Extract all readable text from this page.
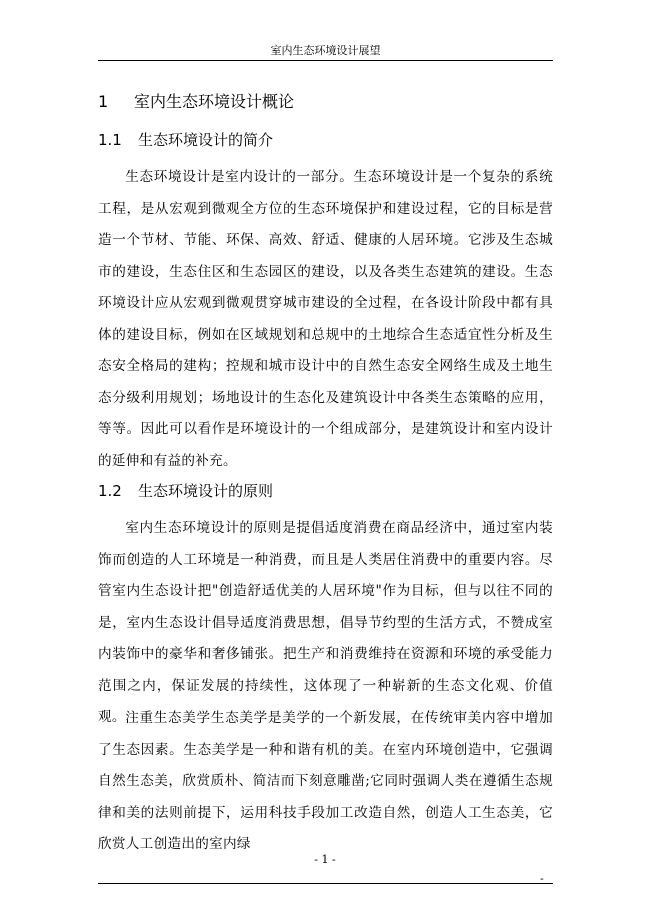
室内生态环境设计展望
1 室内生态环境设计概论
1.1 生态环境设计的简介

生态环境设计是室内设计的一部分。生态环境设计是一个复杂的系统工程，是从宏观到微观全方位的生态环境保护和建设过程，它的目标是营造一个节材、节能、环保、高效、舒适、健康的人居环境。它涉及生态城市的建设，生态住区和生态园区的建设，以及各类生态建筑的建设。生态环境设计应从宏观到微观贯穿城市建设的全过程，在各设计阶段中都有具体的建设目标，例如在区域规划和总规中的土地综合生态适宜性分析及生态安全格局的建构；控规和城市设计中的自然生态安全网络生成及土地生态分级利用规划；场地设计的生态化及建筑设计中各类生态策略的应用，等等。因此可以看作是环境设计的一个组成部分，是建筑设计和室内设计的延伸和有益的补充。

1.2 生态环境设计的原则

室内生态环境设计的原则是提倡适度消费在商品经济中，通过室内装饰而创造的人工环境是一种消费，而且是人类居住消费中的重要内容。尽管室内生态设计把"创造舒适优美的人居环境"作为目标，但与以往不同的是，室内生态设计倡导适度消费思想，倡导节约型的生活方式，不赞成室内装饰中的豪华和奢侈铺张。把生产和消费维持在资源和环境的承受能力范围之内，保证发展的持续性，这体现了一种崭新的生态文化观、价值观。 注重生态美学生态美学是美学的一个新发展，在传统审美内容中增加了生态因素。生态美学是一种和谐有机的美。在室内环境创造中，它强调自然生态美，欣赏质朴、简洁而下刻意雕凿;它同时强调人类在遵循生态规律和美的法则前提下，运用科技手段加工改造自然，创造人工生态美，它欣赏人工创造出的室内绿

- 1 -
-
